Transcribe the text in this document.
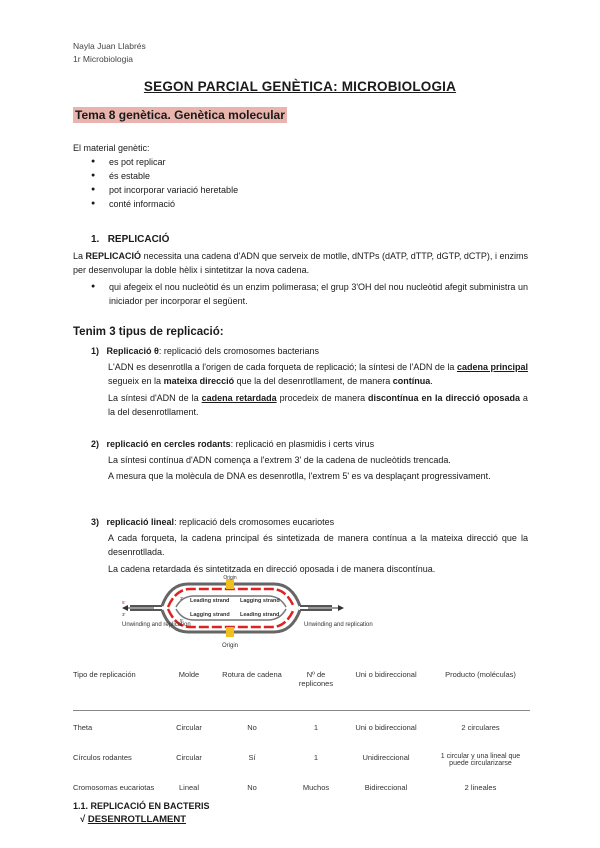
Nayla Juan Llabrés
1r Microbiologia
SEGON PARCIAL GENÈTICA: MICROBIOLOGIA
Tema 8 genètica. Genètica molecular
El material genètic:
● es pot replicar
● és estable
● pot incorporar variació heretable
● conté informació
1. REPLICACIÓ
La REPLICACIÓ necessita una cadena d'ADN que serveix de motlle, dNTPs (dATP, dTTP, dGTP, dCTP), i enzims per desenvolupar la doble hèlix i sintetitzar la nova cadena.
● qui afegeix el nou nucleòtid és un enzim polimerasa; el grup 3'OH del nou nucleòtid afegit subministra un iniciador per incorporar el següent.
Tenim 3 tipus de replicació:
1) Replicació θ: replicació dels cromosomes bacterians
L'ADN es desenrotlla a l'origen de cada forqueta de replicació; la síntesi de l'ADN de la cadena principal segueix en la mateixa direcció que la del desenrotllament, de manera contínua.
La síntesi d'ADN de la cadena retardada procedeix de manera discontínua en la direcció oposada a la del desenrotllament.
2) replicació en cercles rodants: replicació en plasmidis i certs virus
La síntesi contínua d'ADN comença a l'extrem 3' de la cadena de nucleòtids trencada.
A mesura que la molècula de DNA es desenrotlla, l'extrem 5' es va desplaçant progressivament.
3) replicació lineal: replicació dels cromosomes eucariotes
A cada forqueta, la cadena principal és sintetizada de manera contínua a la mateixa direcció que la desenrotllada.
La cadena retardada és sintetitzada en direcció oposada i de manera discontínua.
Origin
Origin
Leading strand
Lagging strand
Lagging strand
Leading strand
5'
3'
3'
5'
Unwinding and replication	Unwinding and replication
Tipo de replicación	Molde	Rotura de cadena	Nº de replicones	Uni o bidireccional	Producto (moléculas)
Theta	Circular	No	1	Uni o bidireccional	2 circulares
Círculos rodantes	Circular	Sí	1	Unidireccional	1 circular y una lineal que puede circularizarse
Cromosomas eucariotas	Lineal	No	Muchos	Bidireccional	2 lineales
1.1. REPLICACIÓ EN BACTERIS
√ DESENROTLLAMENT
